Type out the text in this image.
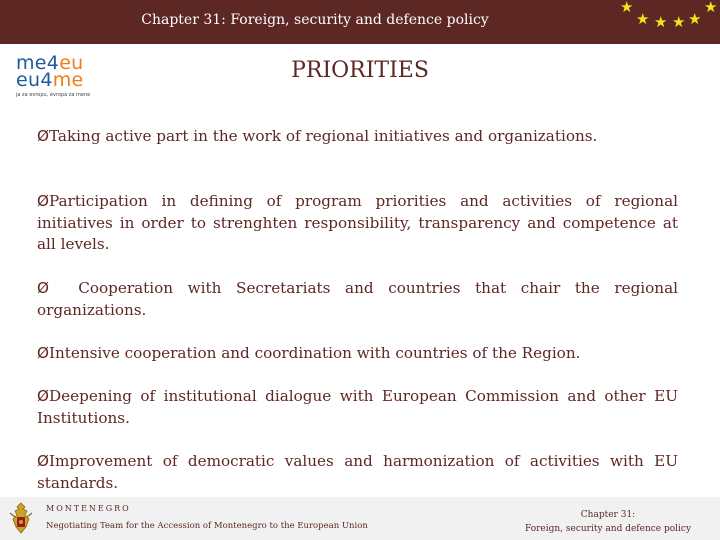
Chapter 31: Foreign, security and defence policy
★
★ ★ ★ ★
★
me4eu
eu4me
ja za evropu, evropa za mene
PRIORITIES

ØTaking active part in the work of regional initiatives and organizations.

ØParticipation in defining of program priorities and activities of regional initiatives in order to strenghten responsibility, transparency and competence at all levels.

Ø  Cooperation with Secretariats and countries that chair the regional organizations.

ØIntensive cooperation and coordination with countries of the Region.

ØDeepening of institutional dialogue with European Commission and other EU Institutions.

ØImprovement of democratic values and harmonization of activities with EU standards.

MONTENEGRO
Negotiating Team for the Accession of Montenegro to the European Union
Chapter 31:
Foreign, security and defence policy
